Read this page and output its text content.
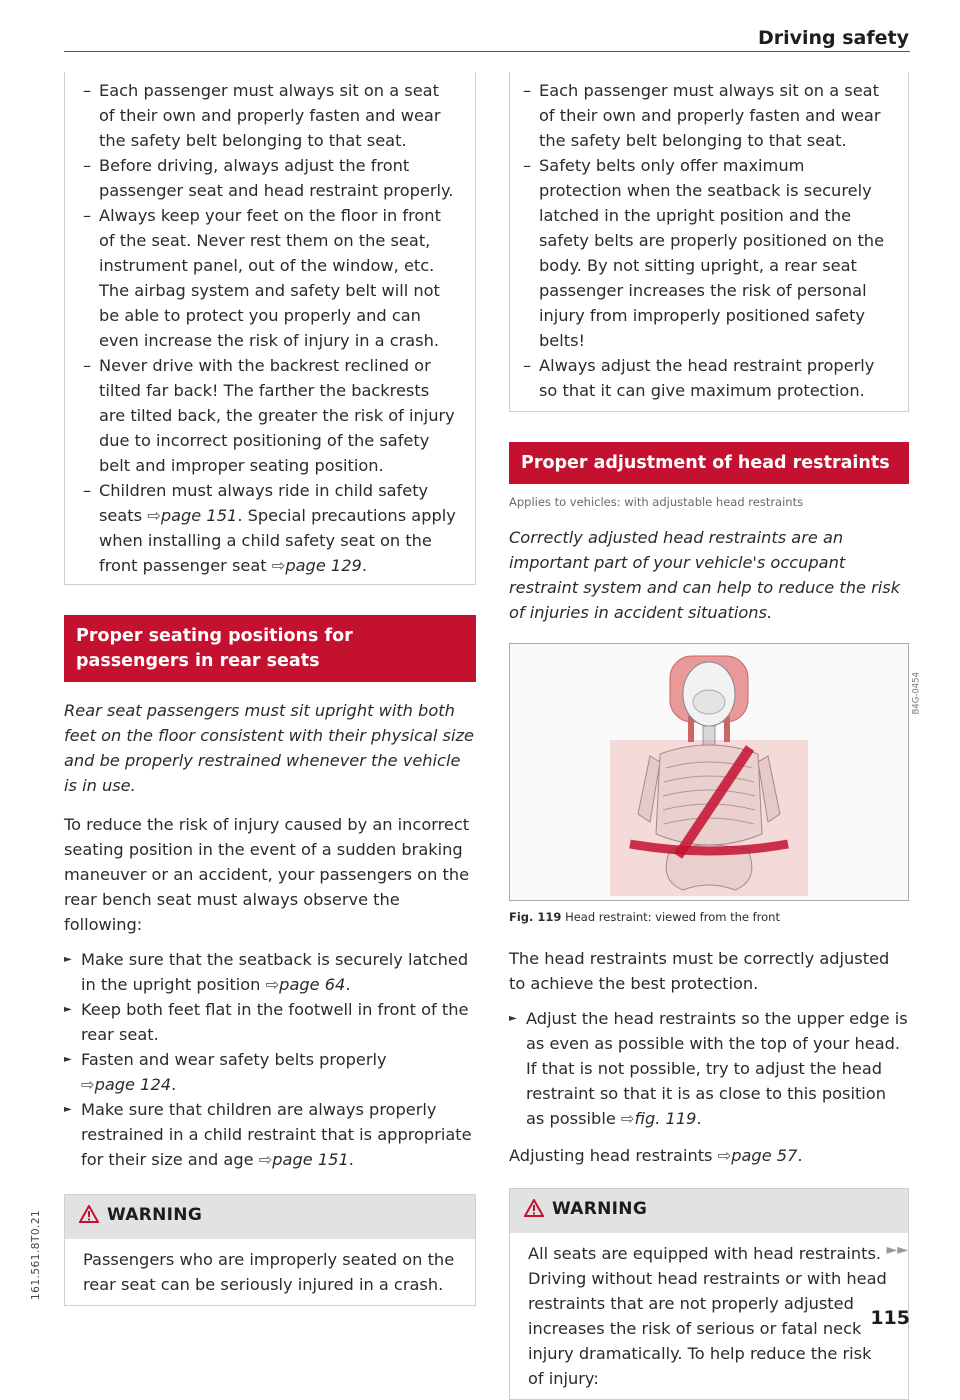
Driving safety
– Each passenger must always sit on a seat of their own and properly fasten and wear the safety belt belonging to that seat.
– Before driving, always adjust the front passenger seat and head restraint properly.
– Always keep your feet on the floor in front of the seat. Never rest them on the seat, instrument panel, out of the window, etc. The airbag system and safety belt will not be able to protect you properly and can even increase the risk of injury in a crash.
– Never drive with the backrest reclined or tilted far back! The farther the backrests are tilted back, the greater the risk of injury due to incorrect positioning of the safety belt and improper seating position.
– Children must always ride in child safety seats ⇨page 151. Special precautions apply when installing a child safety seat on the front passenger seat ⇨page 129.
Proper seating positions for passengers in rear seats
Rear seat passengers must sit upright with both feet on the floor consistent with their physical size and be properly restrained whenever the vehicle is in use.

To reduce the risk of injury caused by an incorrect seating position in the event of a sudden braking maneuver or an accident, your passengers on the rear bench seat must always observe the following:

► Make sure that the seatback is securely latched in the upright position ⇨page 64.
► Keep both feet flat in the footwell in front of the rear seat.
► Fasten and wear safety belts properly
⇨page 124.
► Make sure that children are always properly restrained in a child restraint that is appropriate for their size and age ⇨page 151.
WARNING
Passengers who are improperly seated on the rear seat can be seriously injured in a crash.
– Each passenger must always sit on a seat of their own and properly fasten and wear the safety belt belonging to that seat.
– Safety belts only offer maximum protection when the seatback is securely latched in the upright position and the safety belts are properly positioned on the body. By not sitting upright, a rear seat passenger increases the risk of personal injury from improperly positioned safety belts!
– Always adjust the head restraint properly so that it can give maximum protection.
Proper adjustment of head restraints
Applies to vehicles: with adjustable head restraints
Correctly adjusted head restraints are an important part of your vehicle's occupant restraint system and can help to reduce the risk of injuries in accident situations.
B4G-0454
Fig. 119 Head restraint: viewed from the front

The head restraints must be correctly adjusted to achieve the best protection.

► Adjust the head restraints so the upper edge is as even as possible with the top of your head. If that is not possible, try to adjust the head restraint so that it is as close to this position as possible ⇨fig. 119.

Adjusting head restraints ⇨page 57.

WARNING
All seats are equipped with head restraints. Driving without head restraints or with head restraints that are not properly adjusted increases the risk of serious or fatal neck injury dramatically. To help reduce the risk of injury:
►►
161.561.8T0.21
115
